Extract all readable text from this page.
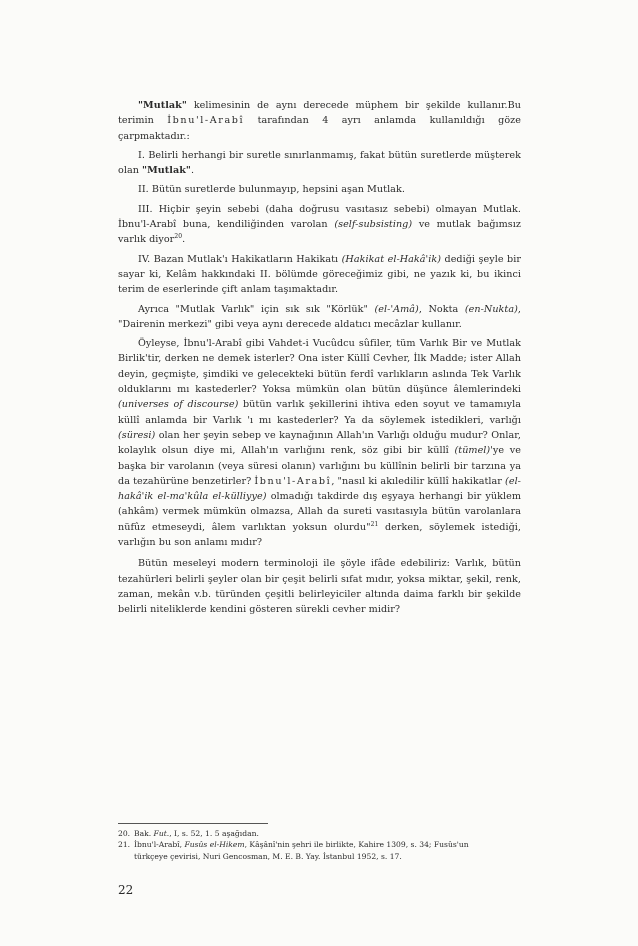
"Mutlak" kelimesinin de aynı derecede müphem bir şekilde kullanır.Bu terimin İbnu'l-Arabî tarafından 4 ayrı anlamda kullanıldığı göze çarpmaktadır.:

I. Belirli herhangi bir suretle sınırlanmamış, fakat bütün suretlerde müşterek olan "Mutlak".

II. Bütün suretlerde bulunmayıp, hepsini aşan Mutlak.

III. Hiçbir şeyin sebebi (daha doğrusu vasıtasız sebebi) olmayan Mutlak. İbnu'l-Arabî buna, kendiliğinden varolan (self-subsisting) ve mutlak bağımsız varlık diyor$^{20}$.

IV. Bazan Mutlak'ı Hakikatların Hakikatı (Hakikat el-Hakâ'ik) dediği şeyle bir sayar ki, Kelâm hakkındaki II. bölümde göreceğimiz gibi, ne yazık ki, bu ikinci terim de eserlerinde çift anlam taşımaktadır.

Ayrıca "Mutlak Varlık" için sık sık "Körlük" (el-'Amâ), Nokta (en-Nukta), "Dairenin merkezi" gibi veya aynı derecede aldatıcı mecâzlar kullanır.

Öyleyse, İbnu'l-Arabî gibi Vahdet-i Vucûdcu sûfiler, tüm Varlık Bir ve Mutlak Birlik'tir, derken ne demek isterler? Ona ister Küllî Cevher, İlk Madde; ister Allah deyin, geçmişte, şimdiki ve gelecekteki bütün ferdî varlıkların aslında Tek Varlık olduklarını mı kastederler? Yoksa mümkün olan bütün düşünce âlemlerindeki (universes of discourse) bütün varlık şekillerini ihtiva eden soyut ve tamamıyla küllî anlamda bir Varlık 'ı mı kastederler? Ya da söylemek istedikleri, varlığı (süresi) olan her şeyin sebep ve kaynağının Allah'ın Varlığı olduğu mudur? Onlar, kolaylık olsun diye mi, Allah'ın varlığını renk, söz gibi bir küllî (tümel)'ye ve başka bir varolanın (veya süresi olanın) varlığını bu küllînin belirli bir tarzına ya da tezahürüne benzetirler? İbnu'l-Arabî, "nasıl ki akıledilir küllî hakikatlar (el-hakâ'ik el-ma'kûla el-külliyye) olmadığı takdirde dış eşyaya herhangi bir yüklem (ahkâm) vermek mümkün olmazsa, Allah da sureti vasıtasıyla bütün varolanlara nüfûz etmeseydi, âlem varlıktan yoksun olurdu"$^{21}$ derken, söylemek istediği, varlığın bu son anlamı mıdır?

Bütün meseleyi modern terminoloji ile şöyle ifâde edebiliriz: Varlık, bütün tezahürleri belirli şeyler olan bir çeşit belirli sıfat mıdır, yoksa miktar, şekil, renk, zaman, mekân v.b. türünden çeşitli belirleyiciler altında daima farklı bir şekilde belirli niteliklerde kendini gösteren sürekli cevher midir?

20. Bak. Fut., I, s. 52, 1. 5 aşağıdan.

21. İbnu'l-Arabî, Fusûs el-Hikem, Kâşânî'nin şehri ile birlikte, Kahire 1309, s. 34; Fusûs'un

türkçeye çevirisi, Nuri Gencosman, M. E. B. Yay. İstanbul 1952, s. 17.

22
